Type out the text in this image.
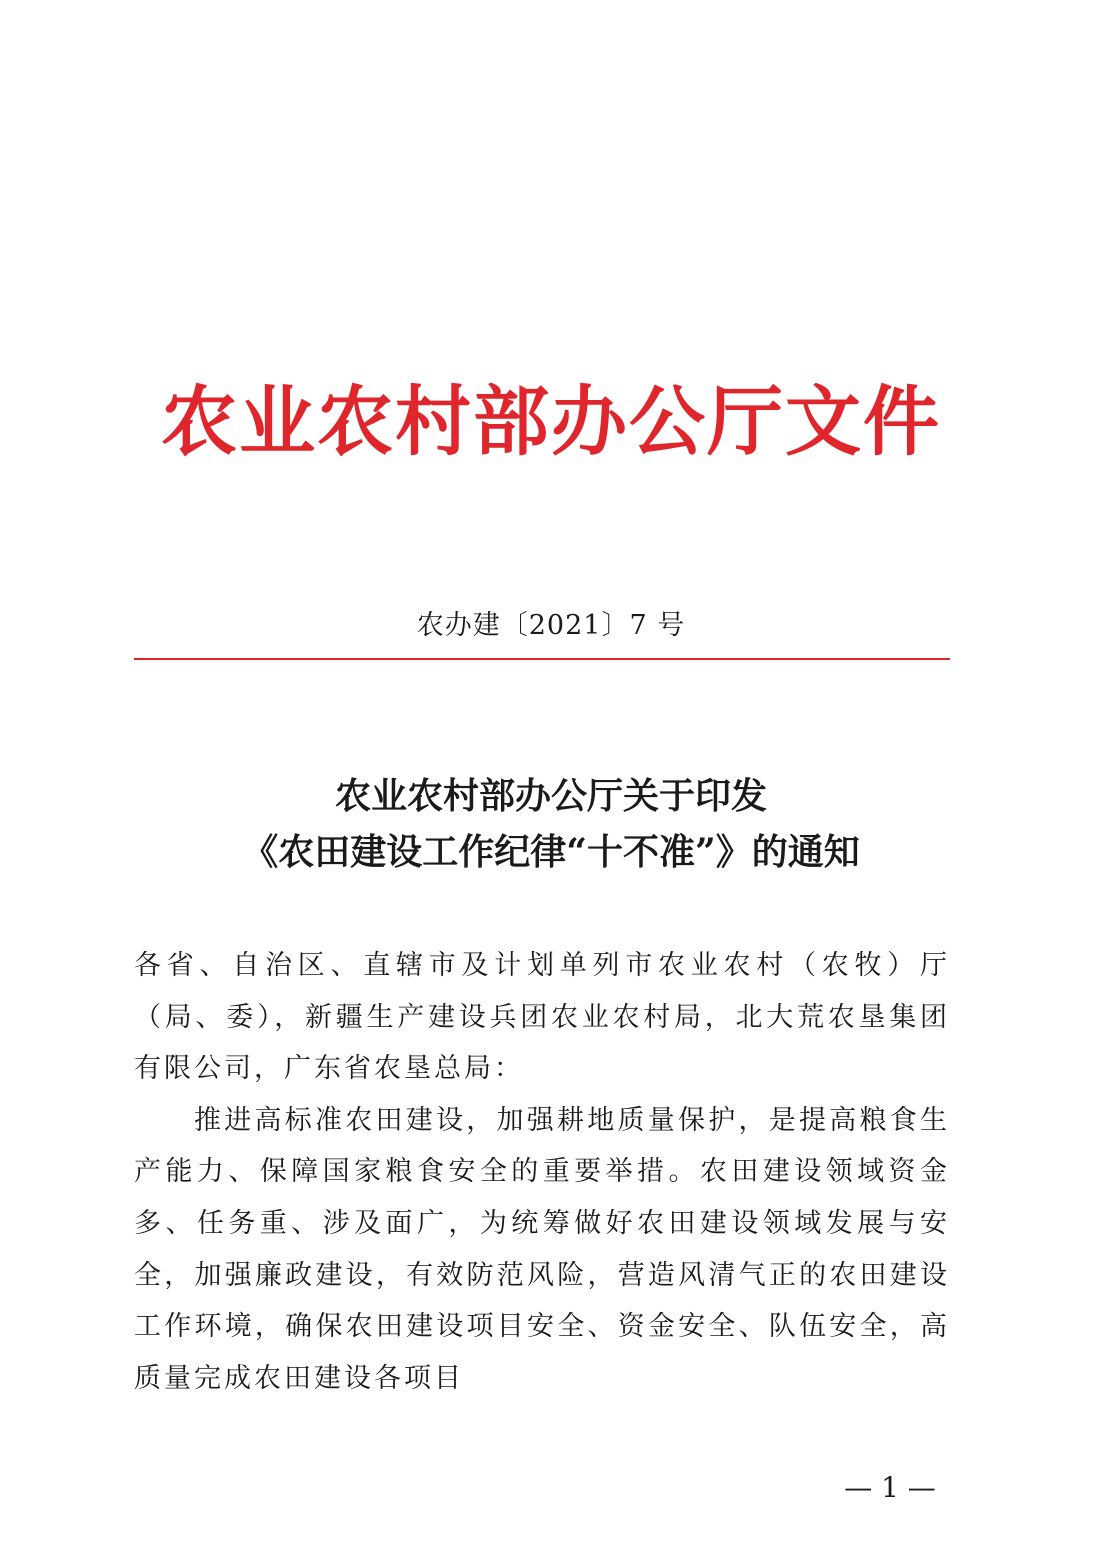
农业农村部办公厅文件
农办建〔2021〕7 号
农业农村部办公厅关于印发
《农田建设工作纪律“十不准”》的通知

各省、自治区、直辖市及计划单列市农业农村（农牧）厅（局、委），新疆生产建设兵团农业农村局，北大荒农垦集团有限公司，广东省农垦总局：

推进高标准农田建设，加强耕地质量保护，是提高粮食生产能力、保障国家粮食安全的重要举措。农田建设领域资金多、任务重、涉及面广，为统筹做好农田建设领域发展与安全，加强廉政建设，有效防范风险，营造风清气正的农田建设工作环境，确保农田建设项目安全、资金安全、队伍安全，高质量完成农田建设各项目

— 1 —
